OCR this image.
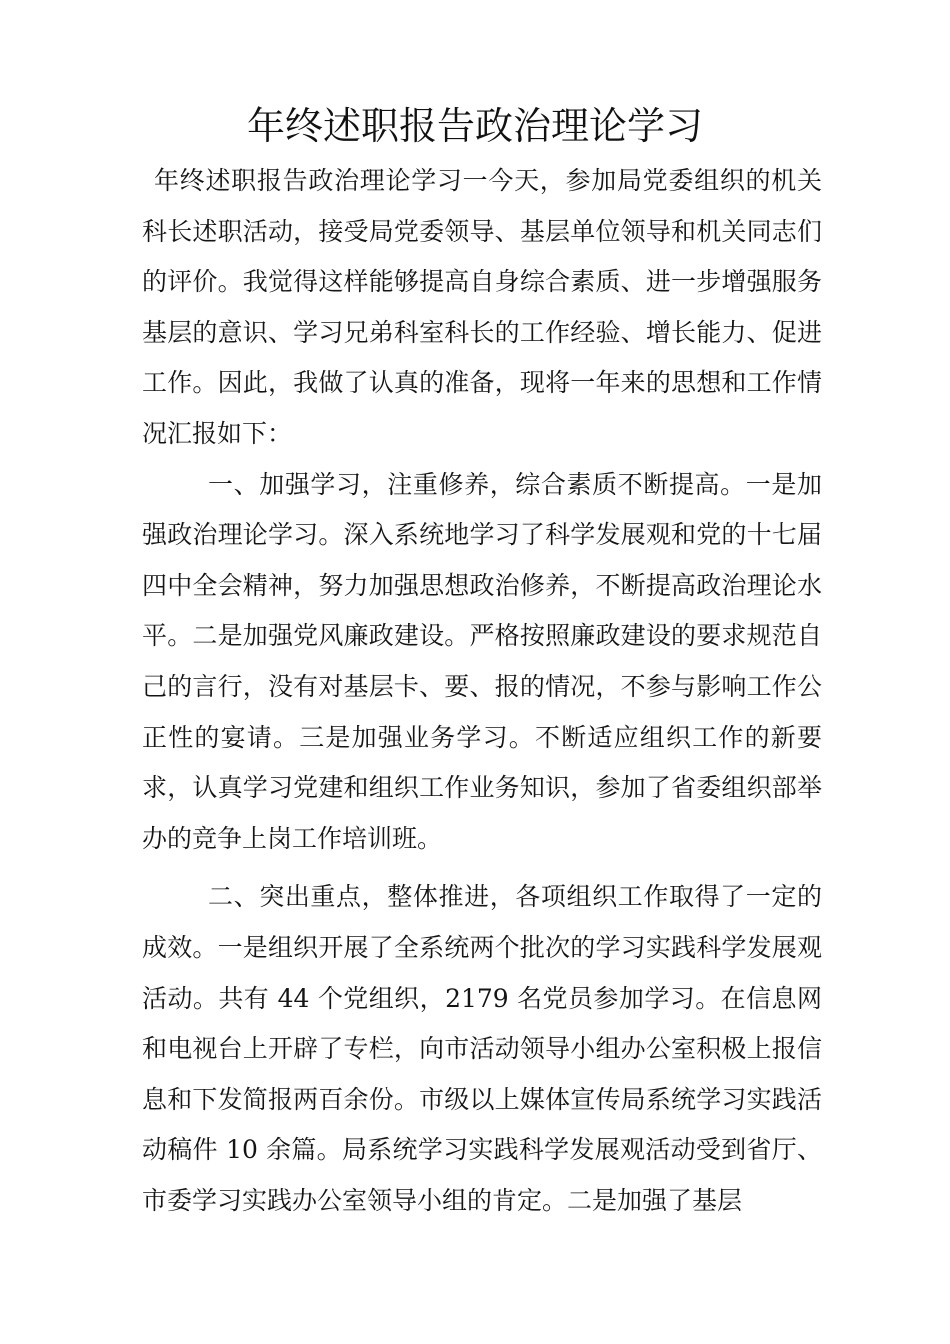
年终述职报告政治理论学习

年终述职报告政治理论学习一今天，参加局党委组织的机关科长述职活动，接受局党委领导、基层单位领导和机关同志们的评价。我觉得这样能够提高自身综合素质、进一步增强服务基层的意识、学习兄弟科室科长的工作经验、增长能力、促进工作。因此，我做了认真的准备，现将一年来的思想和工作情况汇报如下：

一、加强学习，注重修养，综合素质不断提高。一是加强政治理论学习。深入系统地学习了科学发展观和党的十七届四中全会精神，努力加强思想政治修养，不断提高政治理论水平。二是加强党风廉政建设。严格按照廉政建设的要求规范自己的言行，没有对基层卡、要、报的情况，不参与影响工作公正性的宴请。三是加强业务学习。不断适应组织工作的新要求，认真学习党建和组织工作业务知识，参加了省委组织部举办的竞争上岗工作培训班。

二、突出重点，整体推进，各项组织工作取得了一定的成效。一是组织开展了全系统两个批次的学习实践科学发展观活动。共有 44 个党组织，2179 名党员参加学习。在信息网和电视台上开辟了专栏，向市活动领导小组办公室积极上报信息和下发简报两百余份。市级以上媒体宣传局系统学习实践活动稿件 10 余篇。局系统学习实践科学发展观活动受到省厅、市委学习实践办公室领导小组的肯定。二是加强了基层
